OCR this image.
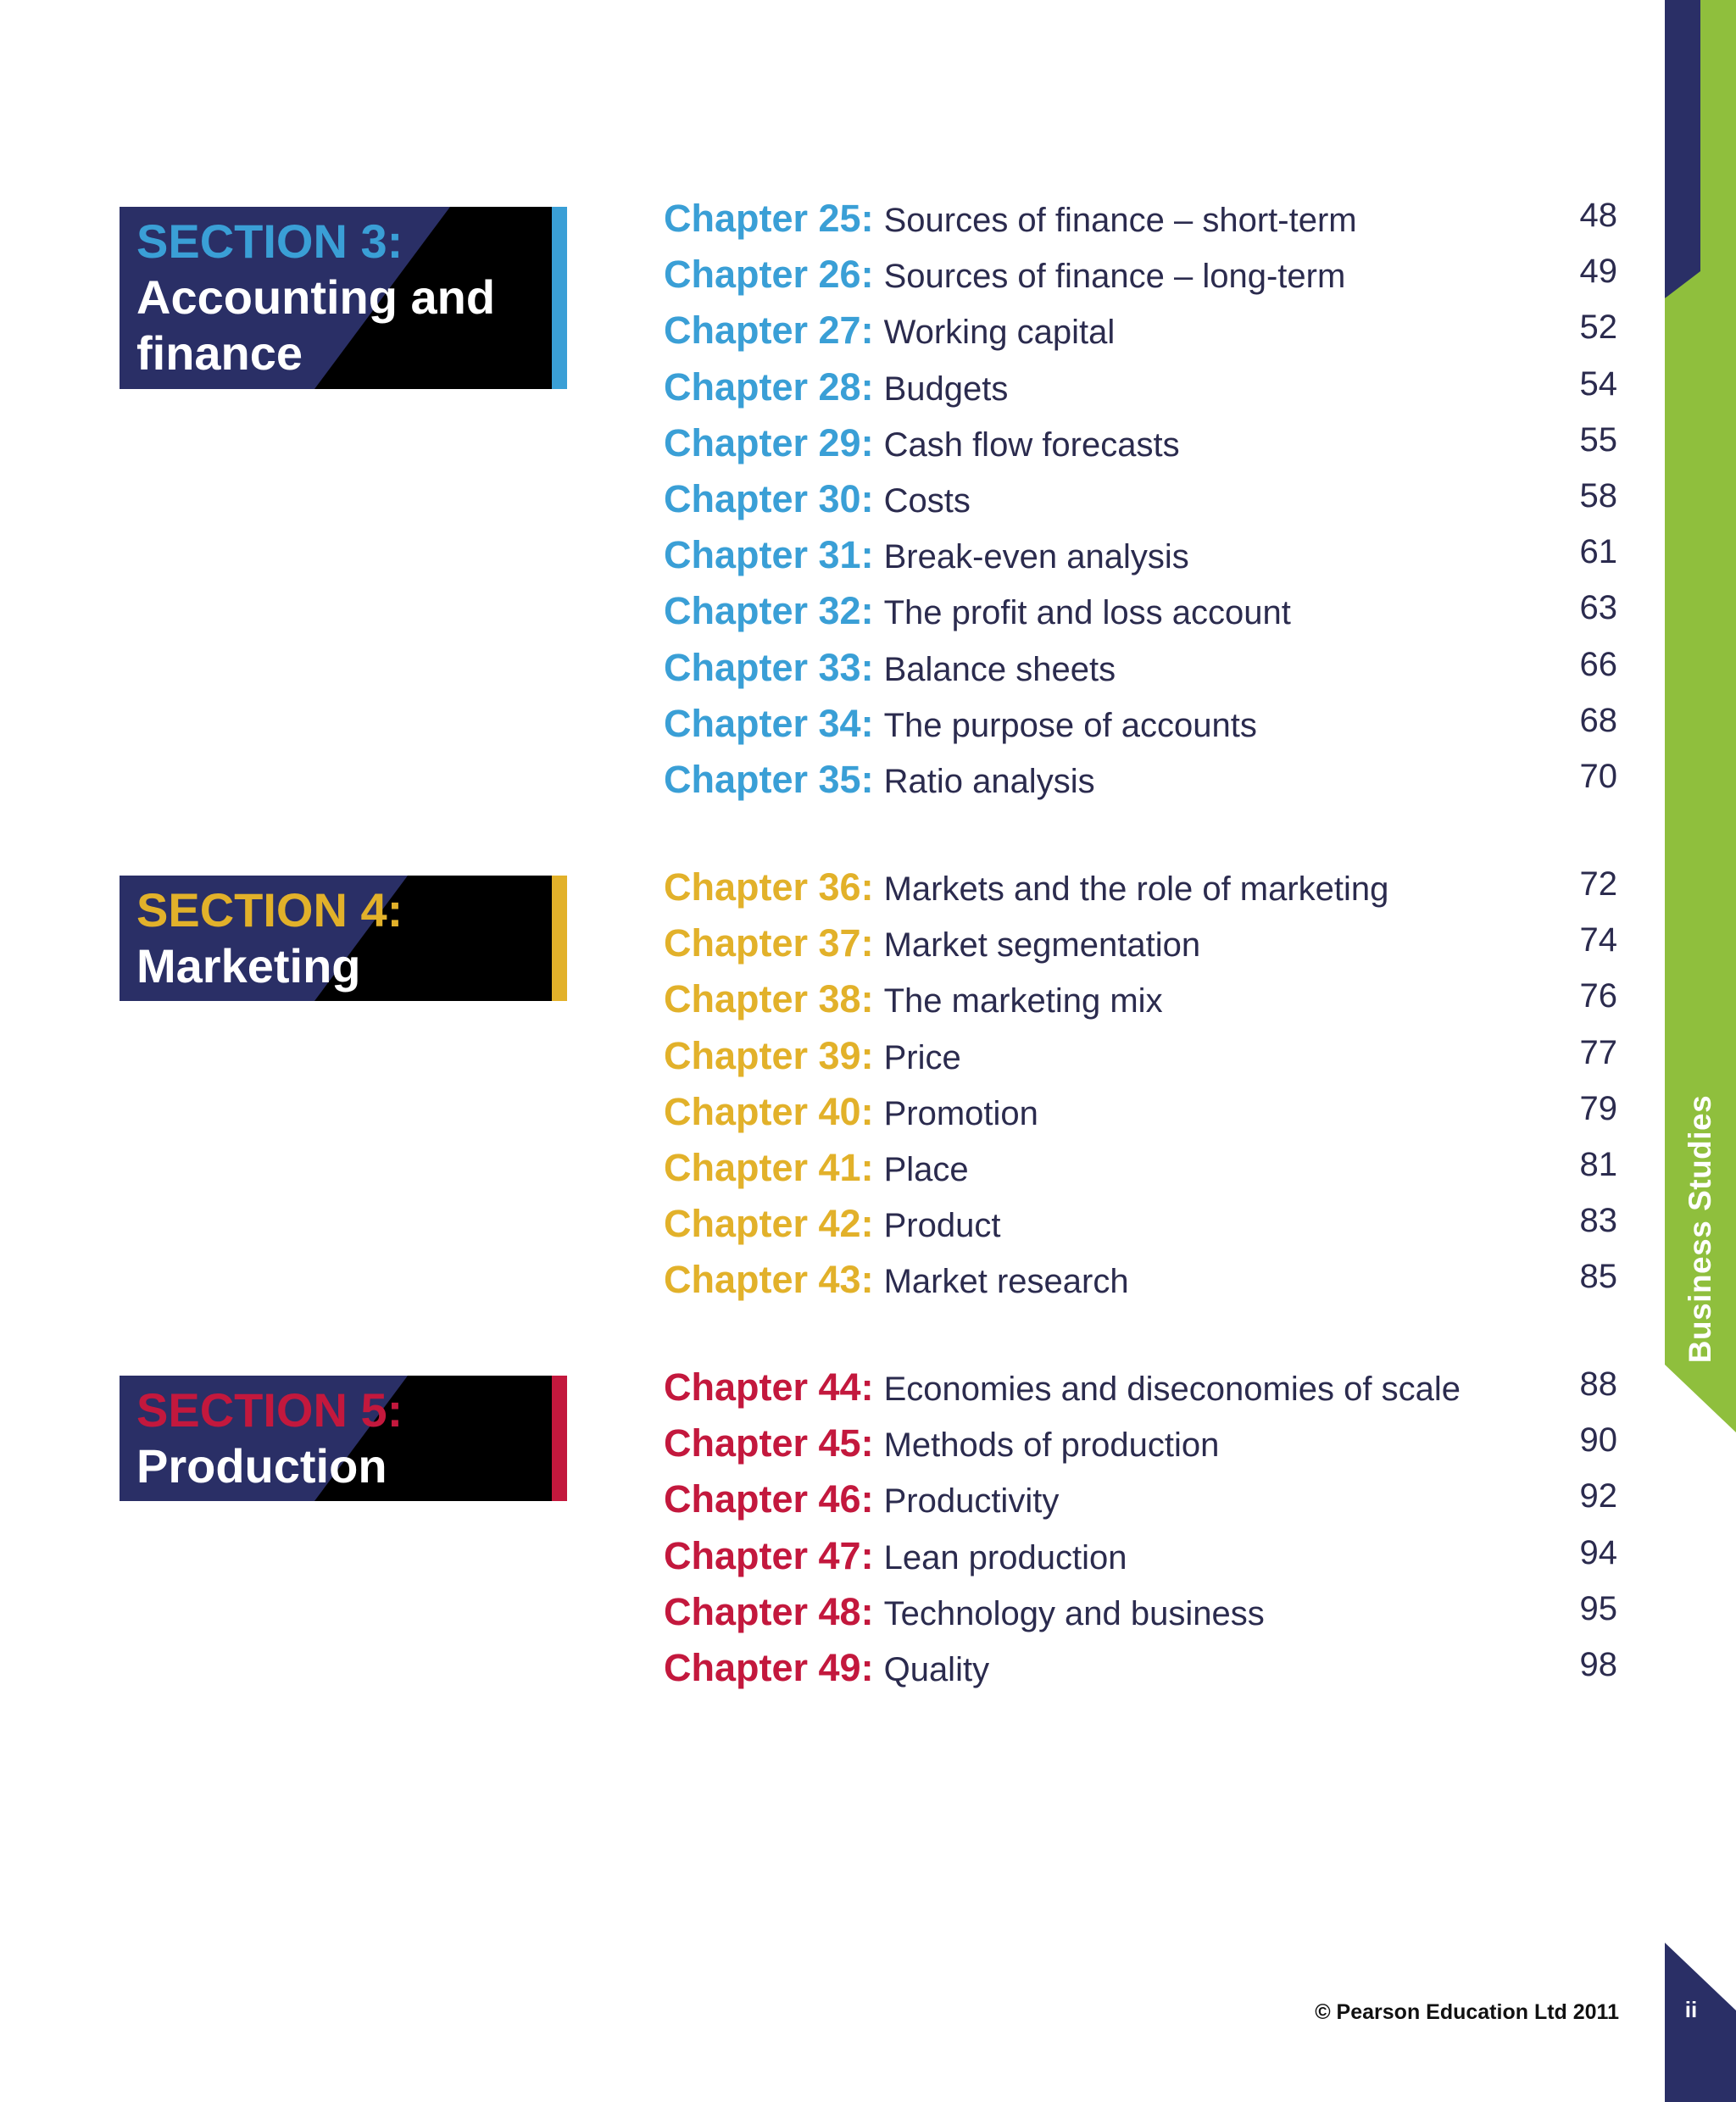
Business Studies
SECTION 3:
Accounting and
finance
SECTION 4:
Marketing
SECTION 5:
Production
Chapter 25: Sources of finance – short-term	48
Chapter 26: Sources of finance – long-term	49
Chapter 27: Working capital	52
Chapter 28: Budgets	54
Chapter 29: Cash flow forecasts	55
Chapter 30: Costs	58
Chapter 31: Break-even analysis	61
Chapter 32: The profit and loss account	63
Chapter 33: Balance sheets	66
Chapter 34: The purpose of accounts	68
Chapter 35: Ratio analysis	70
Chapter 36: Markets and the role of marketing	72
Chapter 37: Market segmentation	74
Chapter 38: The marketing mix	76
Chapter 39: Price	77
Chapter 40: Promotion	79
Chapter 41: Place	81
Chapter 42: Product	83
Chapter 43: Market research	85
Chapter 44: Economies and diseconomies of scale	88
Chapter 45: Methods of production	90
Chapter 46: Productivity	92
Chapter 47: Lean production	94
Chapter 48: Technology and business	95
Chapter 49: Quality	98
© Pearson Education Ltd 2011	ii
